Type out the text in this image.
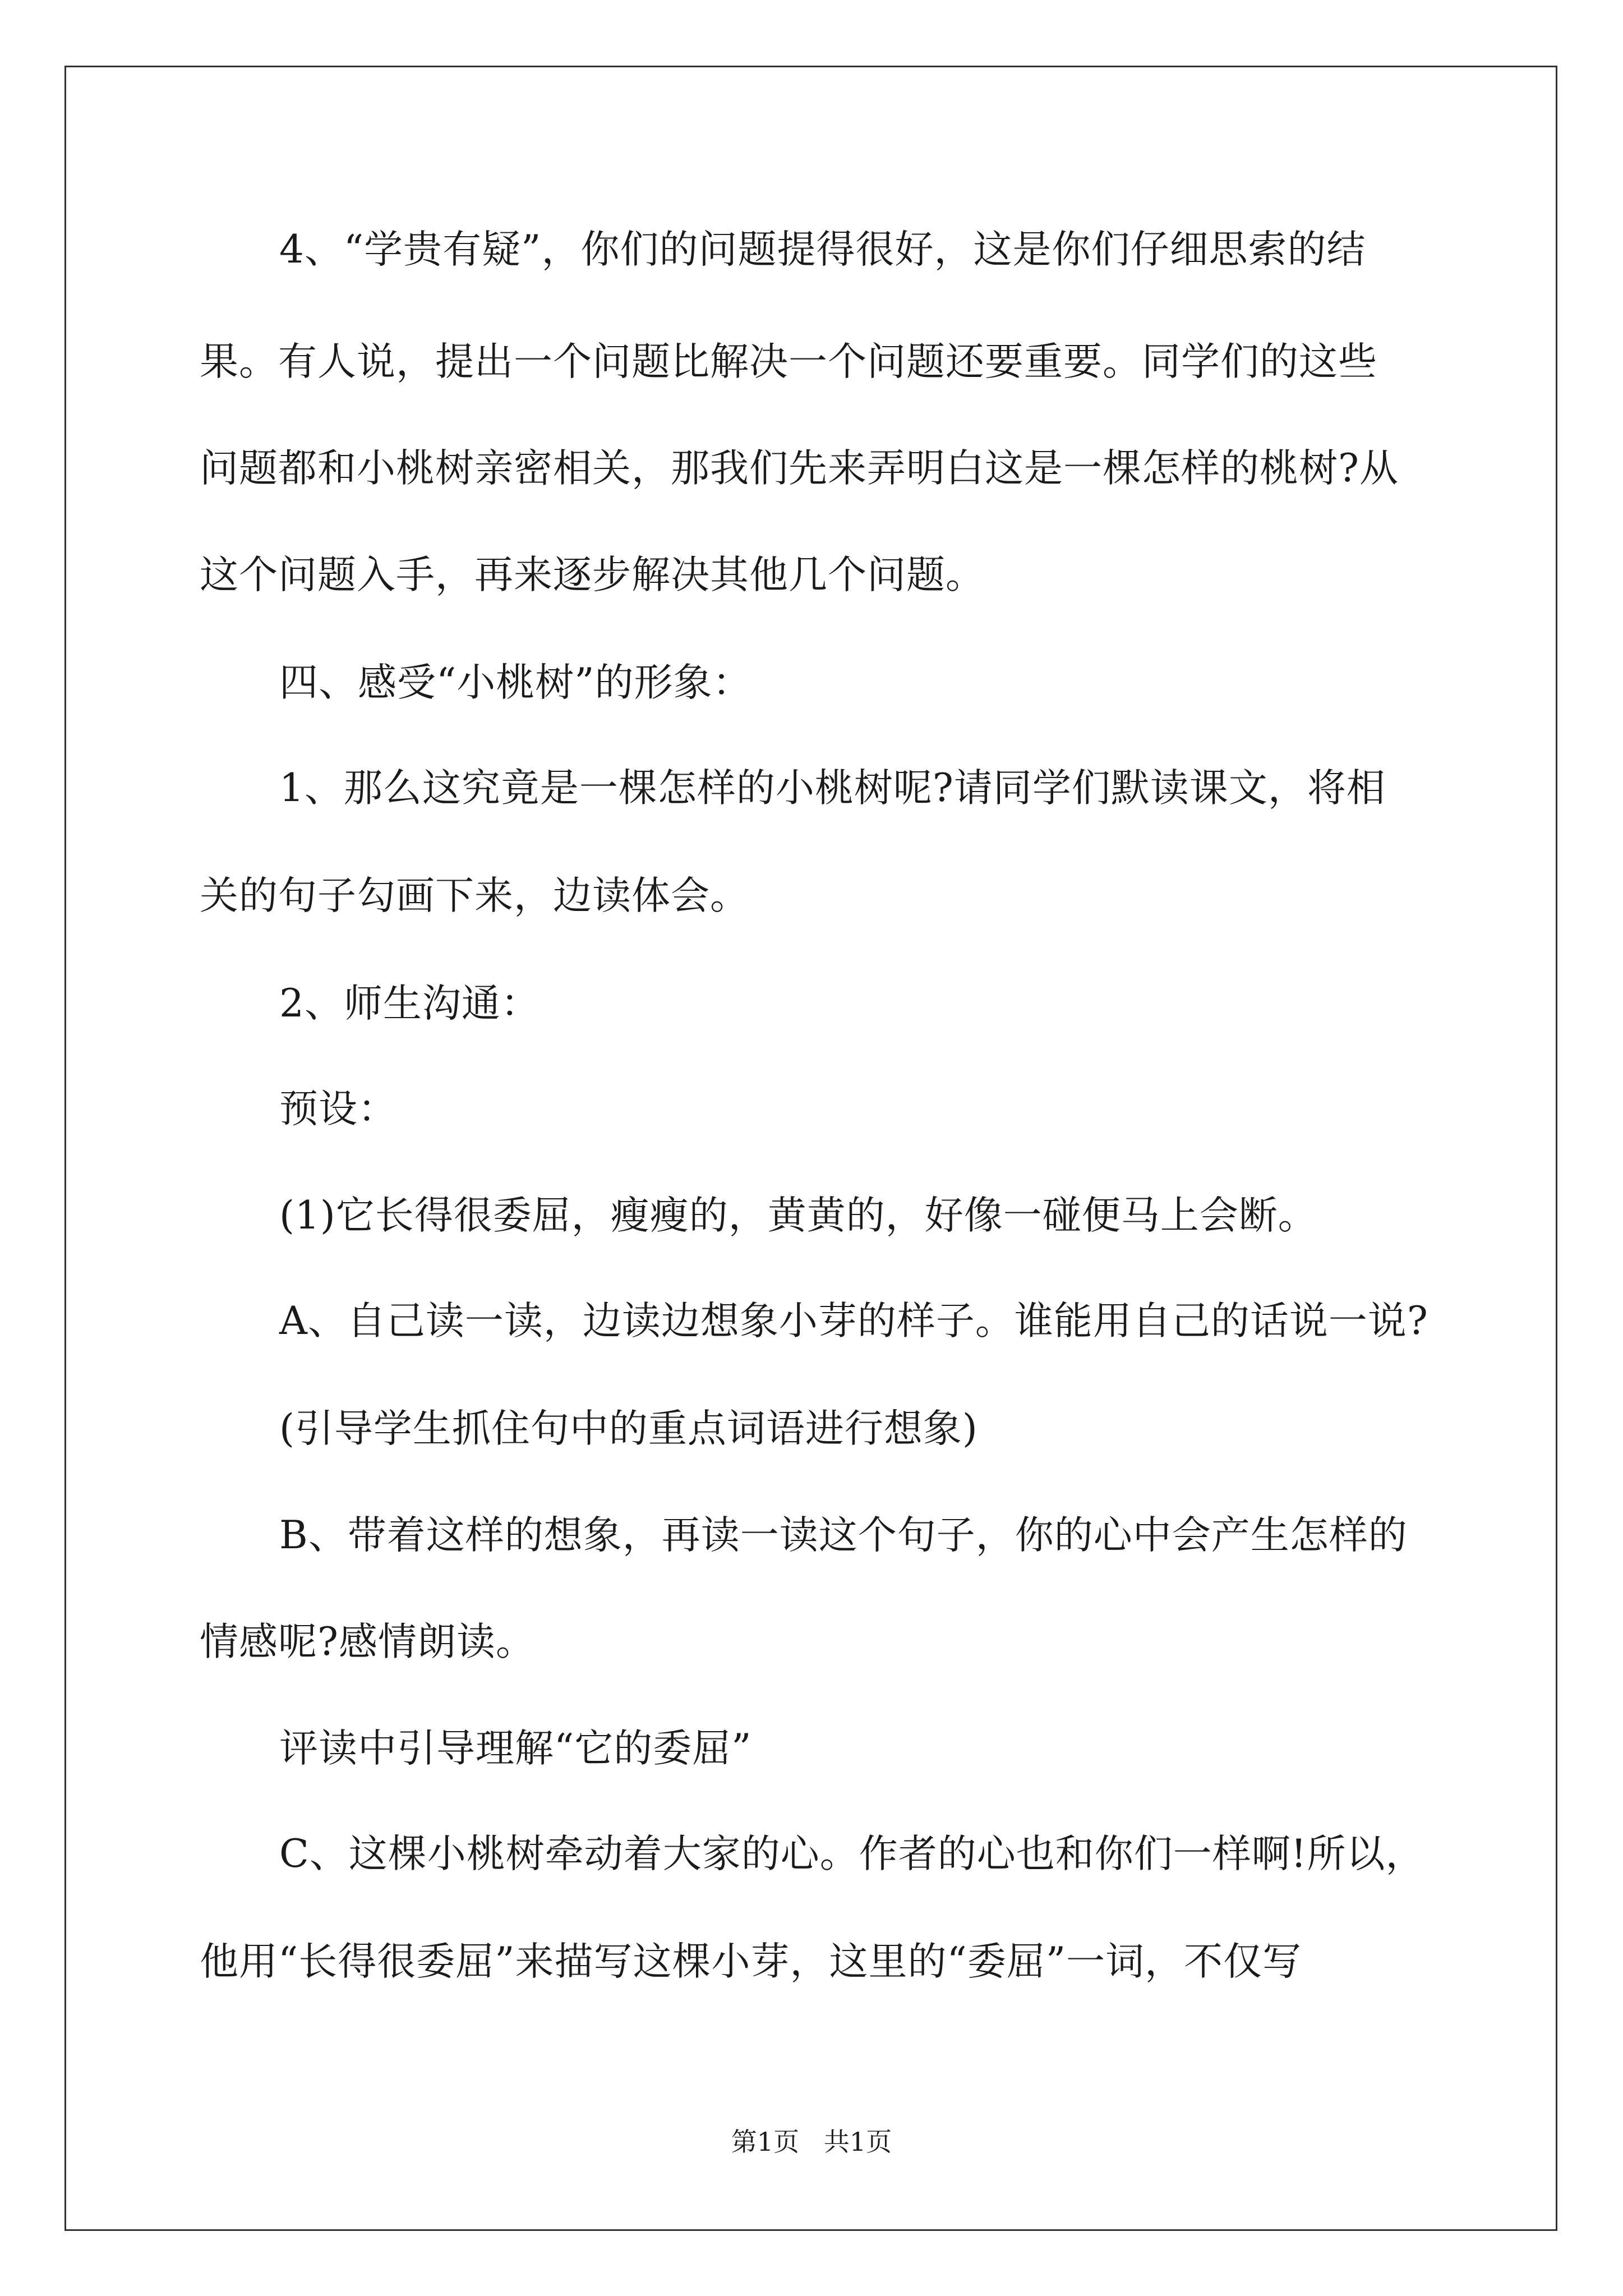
4、“学贵有疑”，你们的问题提得很好，这是你们仔细思索的结
果。有人说，提出一个问题比解决一个问题还要重要。同学们的这些
问题都和小桃树亲密相关，那我们先来弄明白这是一棵怎样的桃树?从
这个问题入手，再来逐步解决其他几个问题。
四、感受“小桃树”的形象：
1、那么这究竟是一棵怎样的小桃树呢?请同学们默读课文，将相
关的句子勾画下来，边读体会。
2、师生沟通：
预设：
(1)它长得很委屈，瘦瘦的，黄黄的，好像一碰便马上会断。
A、自己读一读，边读边想象小芽的样子。谁能用自己的话说一说?
(引导学生抓住句中的重点词语进行想象)
B、带着这样的想象，再读一读这个句子，你的心中会产生怎样的
情感呢?感情朗读。
评读中引导理解“它的委屈”
C、这棵小桃树牵动着大家的心。作者的心也和你们一样啊!所以，
他用“长得很委屈”来描写这棵小芽，这里的“委屈”一词，不仅写
第1页   共1页
